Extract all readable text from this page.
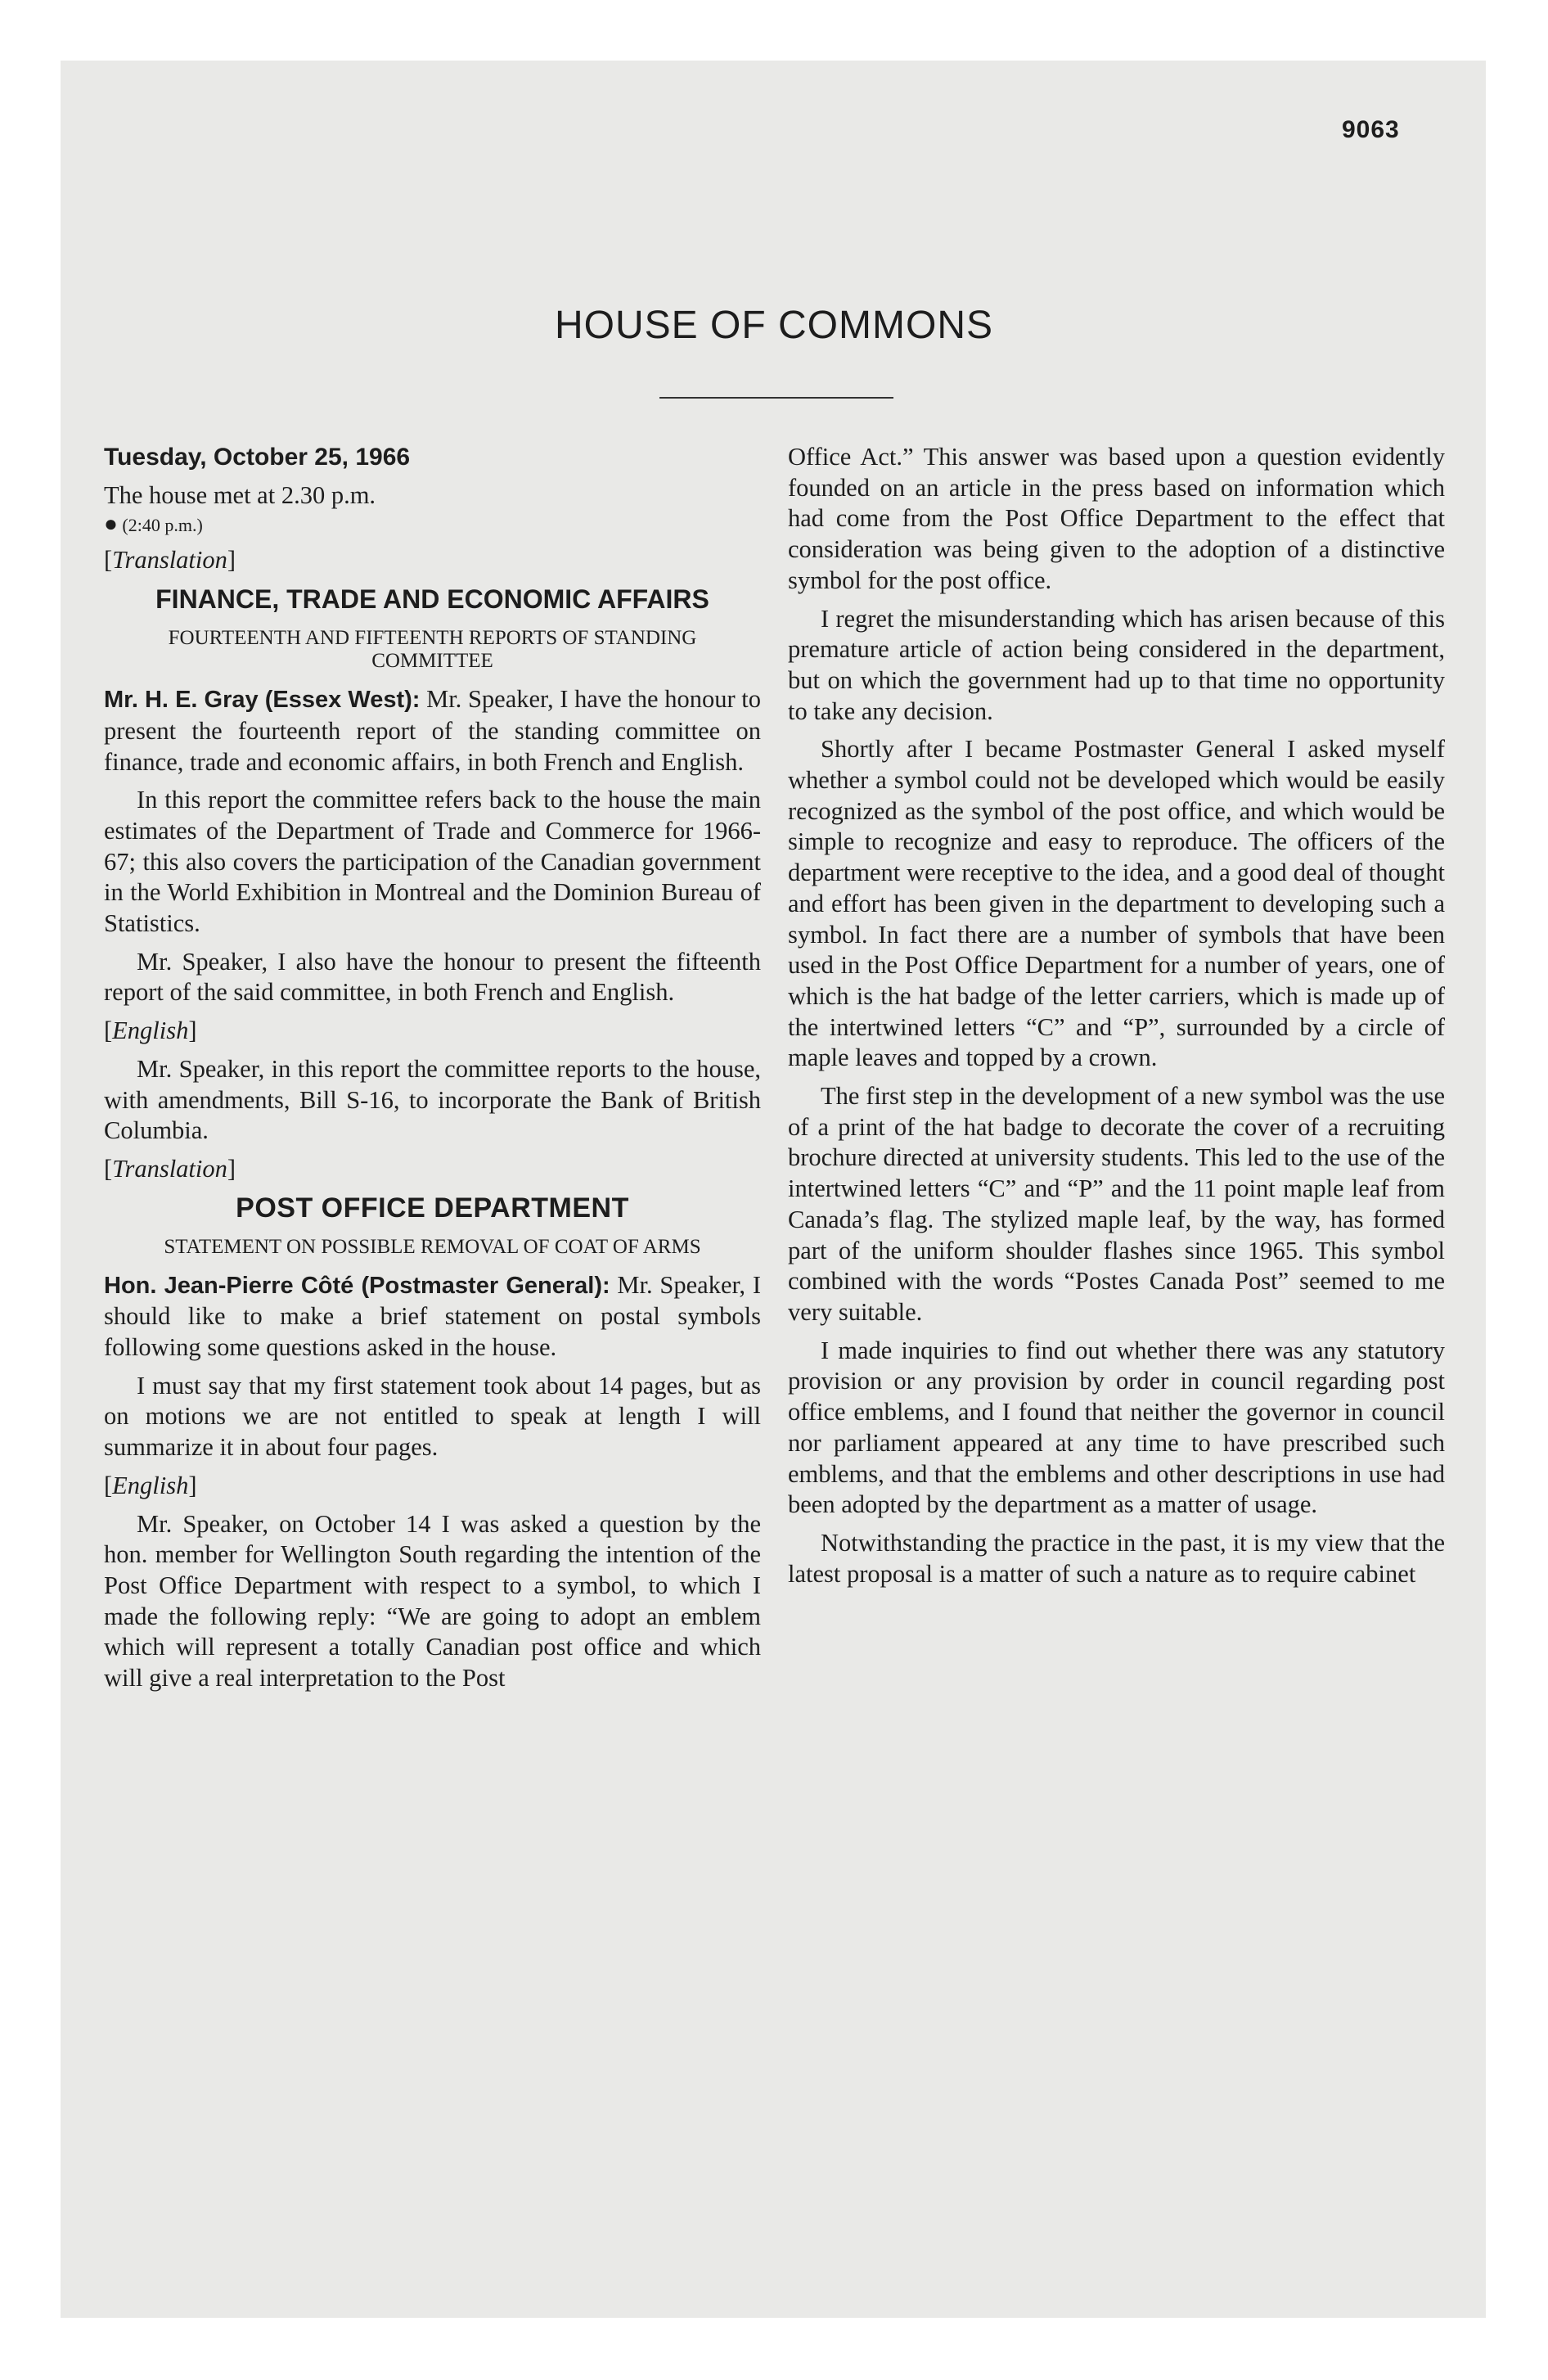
9063
HOUSE OF COMMONS

Tuesday, October 25, 1966

The house met at 2.30 p.m.

● (2:40 p.m.)

[Translation]

FINANCE, TRADE AND ECONOMIC AFFAIRS
FOURTEENTH AND FIFTEENTH REPORTS OF STANDING COMMITTEE

Mr. H. E. Gray (Essex West): Mr. Speaker, I have the honour to present the fourteenth report of the standing committee on finance, trade and economic affairs, in both French and English.

In this report the committee refers back to the house the main estimates of the Department of Trade and Commerce for 1966-67; this also covers the participation of the Canadian government in the World Exhibition in Montreal and the Dominion Bureau of Statistics.

Mr. Speaker, I also have the honour to present the fifteenth report of the said committee, in both French and English.

[English]

Mr. Speaker, in this report the committee reports to the house, with amendments, Bill S-16, to incorporate the Bank of British Columbia.

[Translation]

POST OFFICE DEPARTMENT
STATEMENT ON POSSIBLE REMOVAL OF COAT OF ARMS

Hon. Jean-Pierre Côté (Postmaster General): Mr. Speaker, I should like to make a brief statement on postal symbols following some questions asked in the house.

I must say that my first statement took about 14 pages, but as on motions we are not entitled to speak at length I will summarize it in about four pages.

[English]

Mr. Speaker, on October 14 I was asked a question by the hon. member for Wellington South regarding the intention of the Post Office Department with respect to a symbol, to which I made the following reply: “We are going to adopt an emblem which will represent a totally Canadian post office and which will give a real interpretation to the Post

Office Act.” This answer was based upon a question evidently founded on an article in the press based on information which had come from the Post Office Department to the effect that consideration was being given to the adoption of a distinctive symbol for the post office.

I regret the misunderstanding which has arisen because of this premature article of action being considered in the department, but on which the government had up to that time no opportunity to take any decision.

Shortly after I became Postmaster General I asked myself whether a symbol could not be developed which would be easily recognized as the symbol of the post office, and which would be simple to recognize and easy to reproduce. The officers of the department were receptive to the idea, and a good deal of thought and effort has been given in the department to developing such a symbol. In fact there are a number of symbols that have been used in the Post Office Department for a number of years, one of which is the hat badge of the letter carriers, which is made up of the intertwined letters “C” and “P”, surrounded by a circle of maple leaves and topped by a crown.

The first step in the development of a new symbol was the use of a print of the hat badge to decorate the cover of a recruiting brochure directed at university students. This led to the use of the intertwined letters “C” and “P” and the 11 point maple leaf from Canada’s flag. The stylized maple leaf, by the way, has formed part of the uniform shoulder flashes since 1965. This symbol combined with the words “Postes Canada Post” seemed to me very suitable.

I made inquiries to find out whether there was any statutory provision or any provision by order in council regarding post office emblems, and I found that neither the governor in council nor parliament appeared at any time to have prescribed such emblems, and that the emblems and other descriptions in use had been adopted by the department as a matter of usage.

Notwithstanding the practice in the past, it is my view that the latest proposal is a matter of such a nature as to require cabinet
